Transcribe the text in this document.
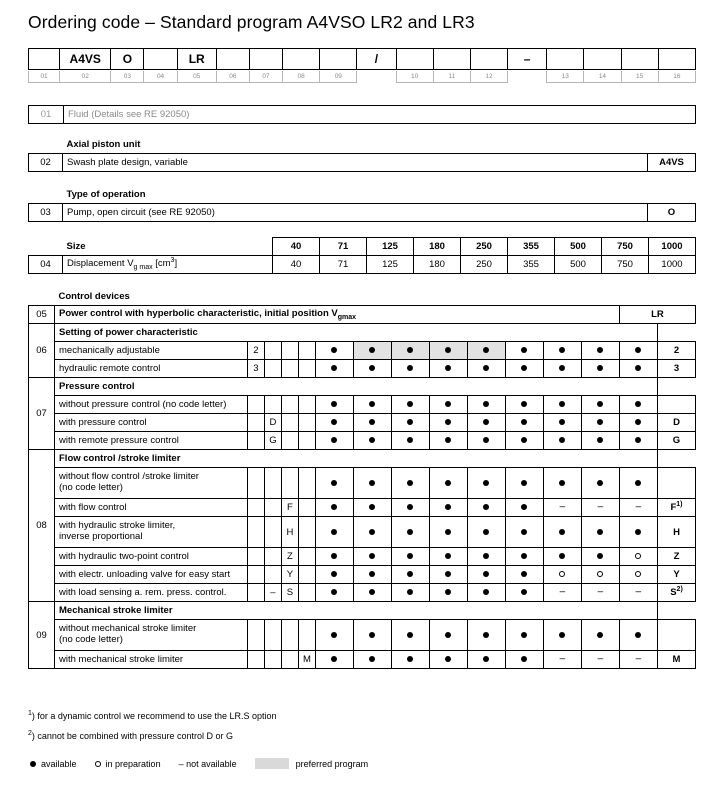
Ordering code – Standard program A4VSO LR2 and LR3
	A4VS	O		LR					/				–				
01	02	03	04	05	06	07	08	09		10	11	12		13	14	15	16
01	Fluid (Details see RE 92050)
	Axial piston unit	
02	Swash plate design, variable	A4VS
	Type of operation	
03	Pump, open circuit (see RE 92050)	O
	Size	40	71	125	180	250	355	500	750	1000
04	Displacement $V_{g max}$ $[cm^3]$	40	71	125	180	250	355	500	750	1000
	Control devices														
05	Power control with hyperbolic characteristic, initial position $V_{gmax}$													LR	
06	Setting of power characteristic														
	mechanically adjustable	2													2
	hydraulic remote control	3													3
07	Pressure control														
	without pressure control (no code letter)														
	with pressure control		D												D
	with remote pressure control		G												G
08	Flow control /stroke limiter														
	without flow control /stroke limiter
(no code letter)														
	with flow control			F								–	–	–	$F^{1)}$
	with hydraulic stroke limiter,
inverse proportional			H											H
	with hydraulic two-point control			Z											Z
	with electr. unloading valve for easy start			Y											Y
	with load sensing a. rem. press. control.		–	S								–	–	–	$S^{2)}$
09	Mechanical stroke limiter														
	without mechanical stroke limiter
(no code letter)														
	with mechanical stroke limiter				M							–	–	–	M
$^1$) for a dynamic control we recommend to use the LR.S option
$^2$) cannot be combined with pressure control D or G
available	in preparation – not available	preferred program
